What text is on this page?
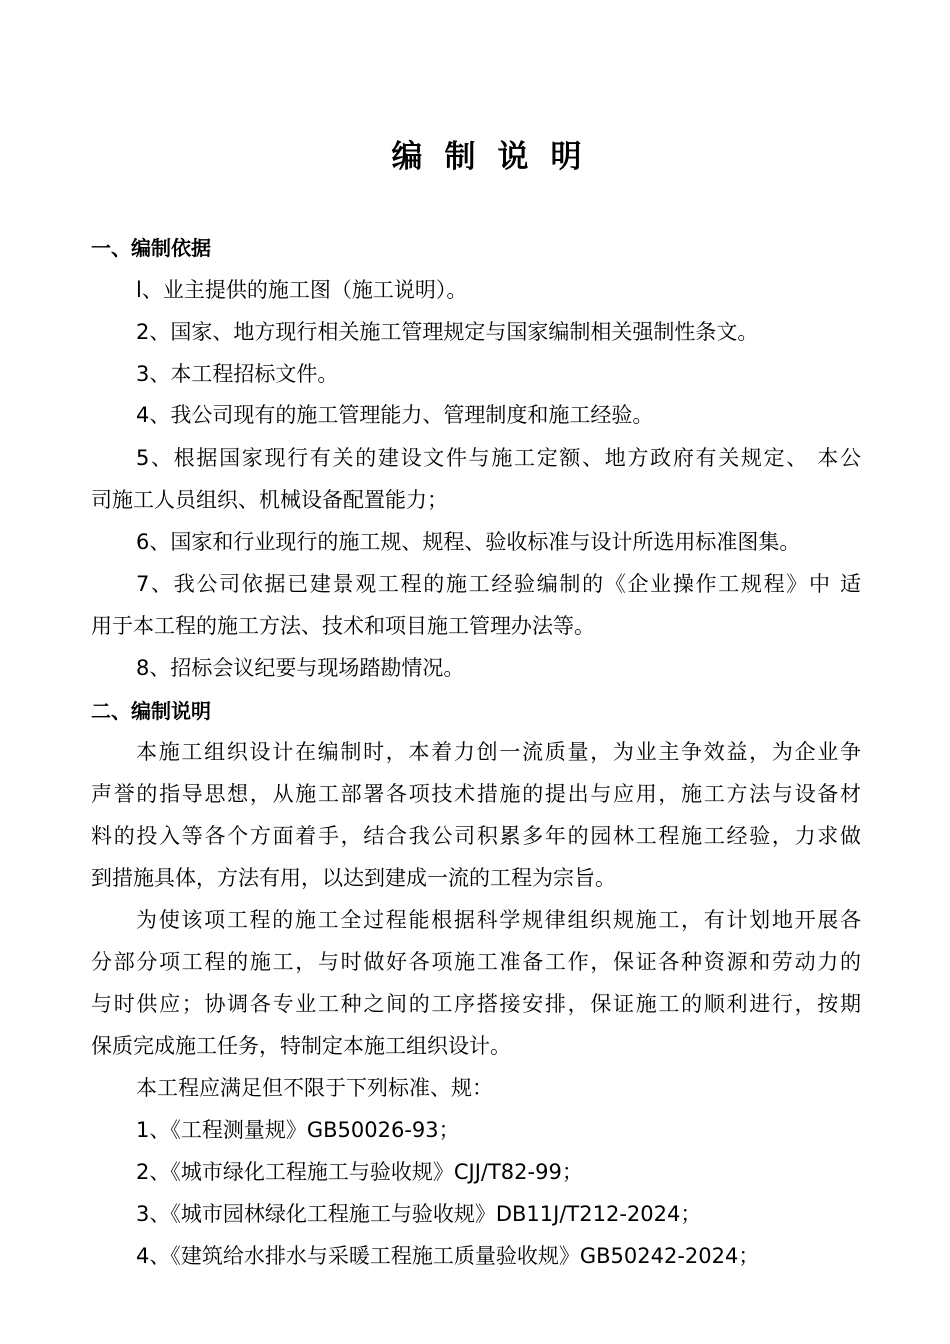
编制说明
一、编制依据
l、业主提供的施工图（施工说明）。
2、国家、地方现行相关施工管理规定与国家编制相关强制性条文。
3、本工程招标文件。
4、我公司现有的施工管理能力、管理制度和施工经验。
5、根据国家现行有关的建设文件与施工定额、地方政府有关规定、 本公
司施工人员组织、机械设备配置能力；
6、国家和行业现行的施工规、规程、验收标准与设计所选用标准图集。
7、我公司依据已建景观工程的施工经验编制的《企业操作工规程》中 适
用于本工程的施工方法、技术和项目施工管理办法等。
8、招标会议纪要与现场踏勘情况。
二、编制说明
本施工组织设计在编制时，本着力创一流质量，为业主争效益，为企业争
声誉的指导思想，从施工部署各项技术措施的提出与应用，施工方法与设备材
料的投入等各个方面着手，结合我公司积累多年的园林工程施工经验，力求做
到措施具体，方法有用，以达到建成一流的工程为宗旨。
为使该项工程的施工全过程能根据科学规律组织规施工，有计划地开展各
分部分项工程的施工，与时做好各项施工准备工作，保证各种资源和劳动力的
与时供应；协调各专业工种之间的工序搭接安排，保证施工的顺利进行，按期
保质完成施工任务，特制定本施工组织设计。
本工程应满足但不限于下列标准、规：
1、《工程测量规》GB50026-93；
2、《城市绿化工程施工与验收规》CJJ/T82-99；
3、《城市园林绿化工程施工与验收规》DB11J/T212-2024；
4、《建筑给水排水与采暖工程施工质量验收规》GB50242-2024；
